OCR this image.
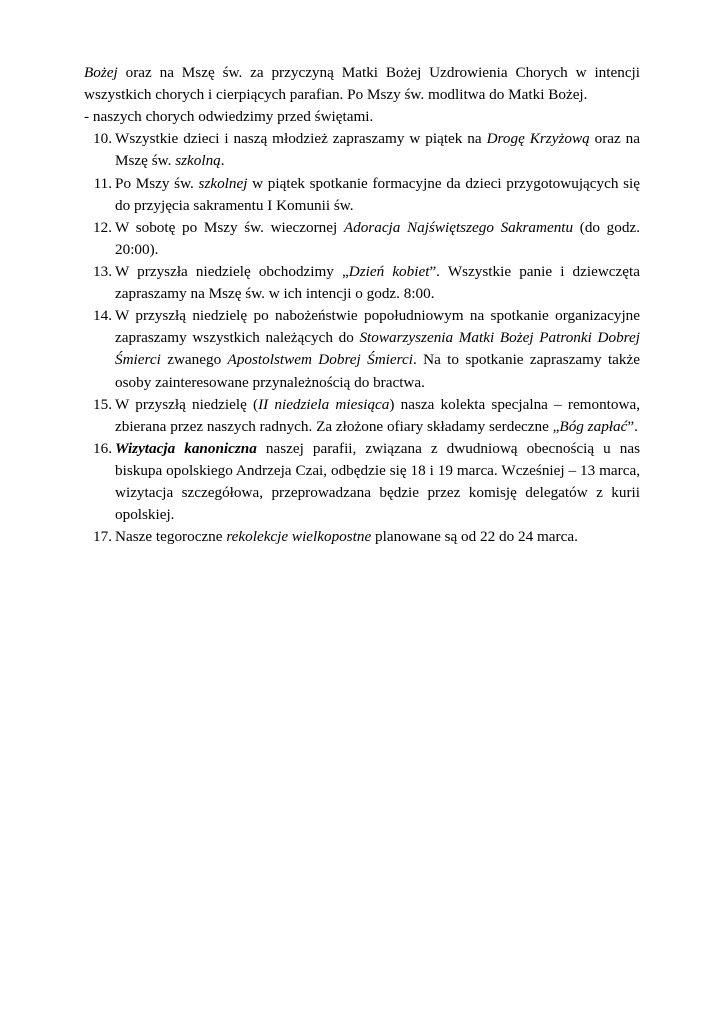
Bożej oraz na Mszę św. za przyczyną Matki Bożej Uzdrowienia Chorych w intencji wszystkich chorych i cierpiących parafian. Po Mszy św. modlitwa do Matki Bożej.

- naszych chorych odwiedzimy przed świętami.

10. Wszystkie dzieci i naszą młodzież zapraszamy w piątek na Drogę Krzyżową oraz na Mszę św. szkolną.
11. Po Mszy św. szkolnej w piątek spotkanie formacyjne da dzieci przygotowujących się do przyjęcia sakramentu I Komunii św.
12. W sobotę po Mszy św. wieczornej Adoracja Najświętszego Sakramentu (do godz. 20:00).
13. W przyszła niedzielę obchodzimy „Dzień kobiet”. Wszystkie panie i dziewczęta zapraszamy na Mszę św. w ich intencji o godz. 8:00.
14. W przyszłą niedzielę po nabożeństwie popołudniowym na spotkanie organizacyjne zapraszamy wszystkich należących do Stowarzyszenia Matki Bożej Patronki Dobrej Śmierci zwanego Apostolstwem Dobrej Śmierci. Na to spotkanie zapraszamy także osoby zainteresowane przynależnością do bractwa.
15. W przyszłą niedzielę (II niedziela miesiąca) nasza kolekta specjalna – remontowa, zbierana przez naszych radnych. Za złożone ofiary składamy serdeczne „Bóg zapłać”.
16. Wizytacja kanoniczna naszej parafii, związana z dwudniową obecnością u nas biskupa opolskiego Andrzeja Czai, odbędzie się 18 i 19 marca. Wcześniej – 13 marca, wizytacja szczegółowa, przeprowadzana będzie przez komisję delegatów z kurii opolskiej.
17. Nasze tegoroczne rekolekcje wielkopostne planowane są od 22 do 24 marca.
